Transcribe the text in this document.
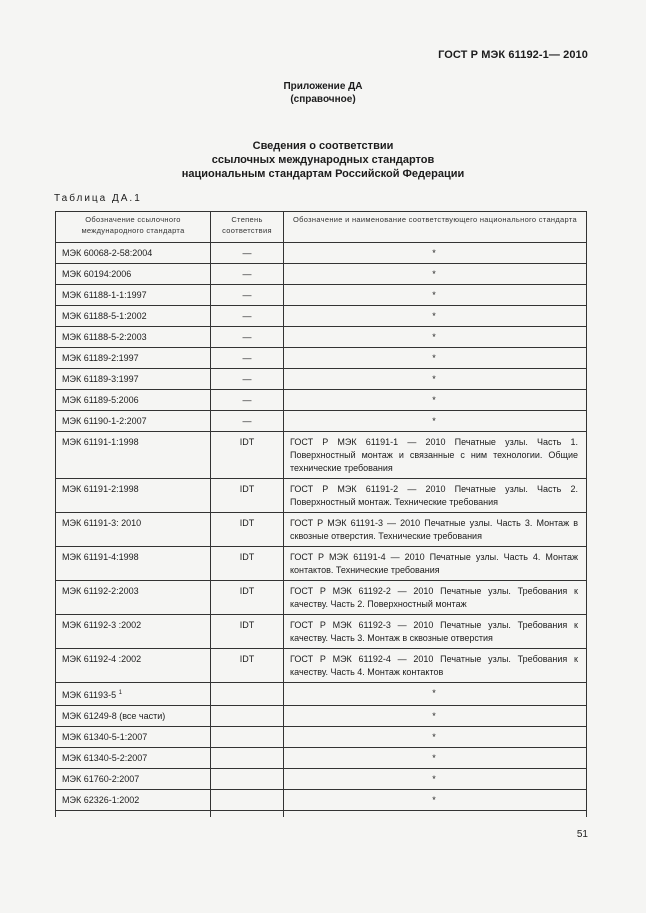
ГОСТ Р МЭК 61192-1— 2010
Приложение ДА
(справочное)
Сведения о соответствии
ссылочных международных стандартов
национальным стандартам Российской Федерации
Таблица ДА.1
Обозначение ссылочного международного стандарта	Степень соответствия	Обозначение и наименование соответствующего национального стандарта
МЭК 60068-2-58:2004	—	*
МЭК 60194:2006	—	*
МЭК 61188-1-1:1997	—	*
МЭК 61188-5-1:2002	—	*
МЭК 61188-5-2:2003	—	*
МЭК 61189-2:1997	—	*
МЭК 61189-3:1997	—	*
МЭК 61189-5:2006	—	*
МЭК 61190-1-2:2007	—	*
МЭК 61191-1:1998	IDT	ГОСТ Р МЭК 61191-1 — 2010 Печатные узлы. Часть 1. Поверхностный монтаж и связанные с ним технологии. Общие технические требования
МЭК 61191-2:1998	IDT	ГОСТ Р МЭК 61191-2 — 2010 Печатные узлы. Часть 2. Поверхностный монтаж. Технические требования
МЭК 61191-3: 2010	IDT	ГОСТ Р МЭК 61191-3 — 2010 Печатные узлы. Часть 3. Монтаж в сквозные отверстия. Технические требования
МЭК 61191-4:1998	IDT	ГОСТ Р МЭК 61191-4 — 2010 Печатные узлы. Часть 4. Монтаж контактов. Технические требования
МЭК 61192-2:2003	IDT	ГОСТ Р МЭК 61192-2 — 2010 Печатные узлы. Требования к качеству. Часть 2. Поверхностный монтаж
МЭК 61192-3 :2002	IDT	ГОСТ Р МЭК 61192-3 — 2010 Печатные узлы. Требования к качеству. Часть 3. Монтаж в сквозные отверстия
МЭК 61192-4 :2002	IDT	ГОСТ Р МЭК 61192-4 — 2010 Печатные узлы. Требования к качеству. Часть 4. Монтаж контактов
МЭК 61193-5 $^1$		*
МЭК 61249-8 (все части)		*
МЭК 61340-5-1:2007		*
МЭК 61340-5-2:2007		*
МЭК 61760-2:2007		*
МЭК 62326-1:2002		*

51
